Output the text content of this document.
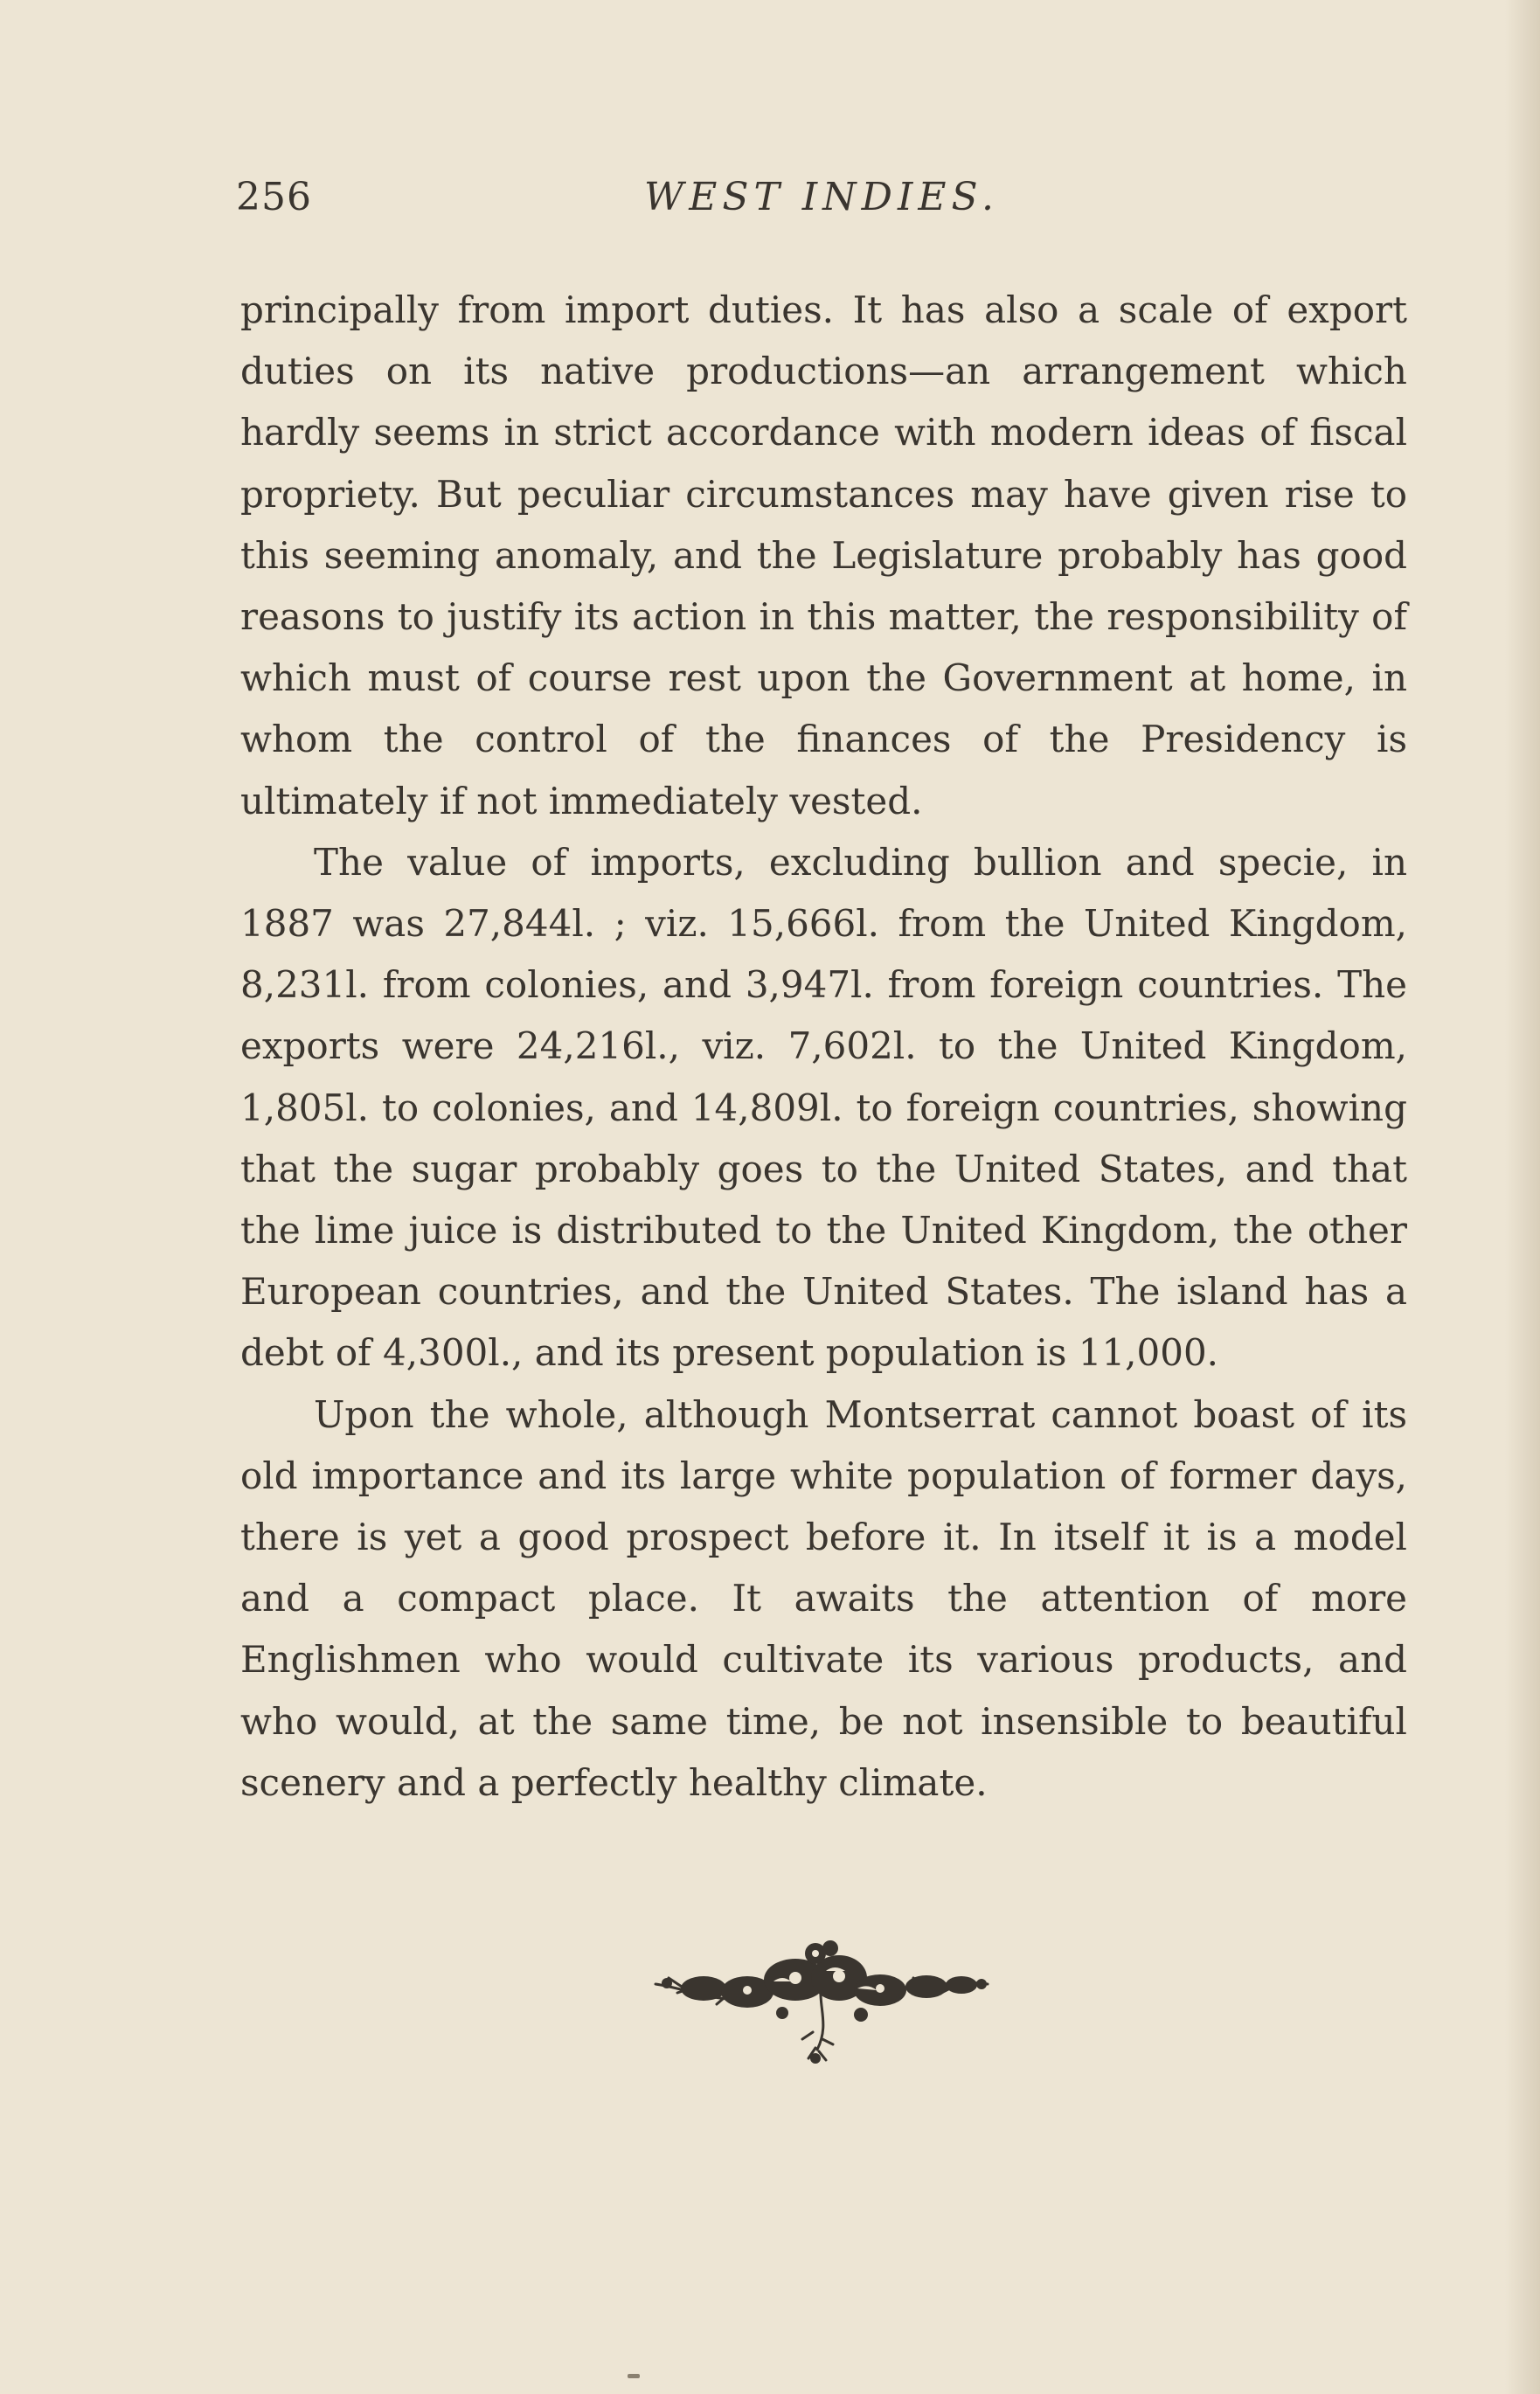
256	WEST INDIES.

principally from import duties. It has also a scale of export duties on its native productions—an arrangement which hardly seems in strict accordance with modern ideas of fiscal propriety. But peculiar circumstances may have given rise to this seeming anomaly, and the Legislature probably has good reasons to justify its action in this matter, the responsibility of which must of course rest upon the Government at home, in whom the control of the finances of the Presidency is ultimately if not immediately vested.

The value of imports, excluding bullion and specie, in 1887 was 27,844l. ; viz. 15,666l. from the United Kingdom, 8,231l. from colonies, and 3,947l. from foreign countries. The exports were 24,216l., viz. 7,602l. to the United Kingdom, 1,805l. to colonies, and 14,809l. to foreign countries, showing that the sugar probably goes to the United States, and that the lime juice is distributed to the United Kingdom, the other European countries, and the United States. The island has a debt of 4,300l., and its present population is 11,000.

Upon the whole, although Montserrat cannot boast of its old importance and its large white population of former days, there is yet a good prospect before it. In itself it is a model and a compact place. It awaits the attention of more Englishmen who would cultivate its various products, and who would, at the same time, be not insensible to beautiful scenery and a perfectly healthy climate.
